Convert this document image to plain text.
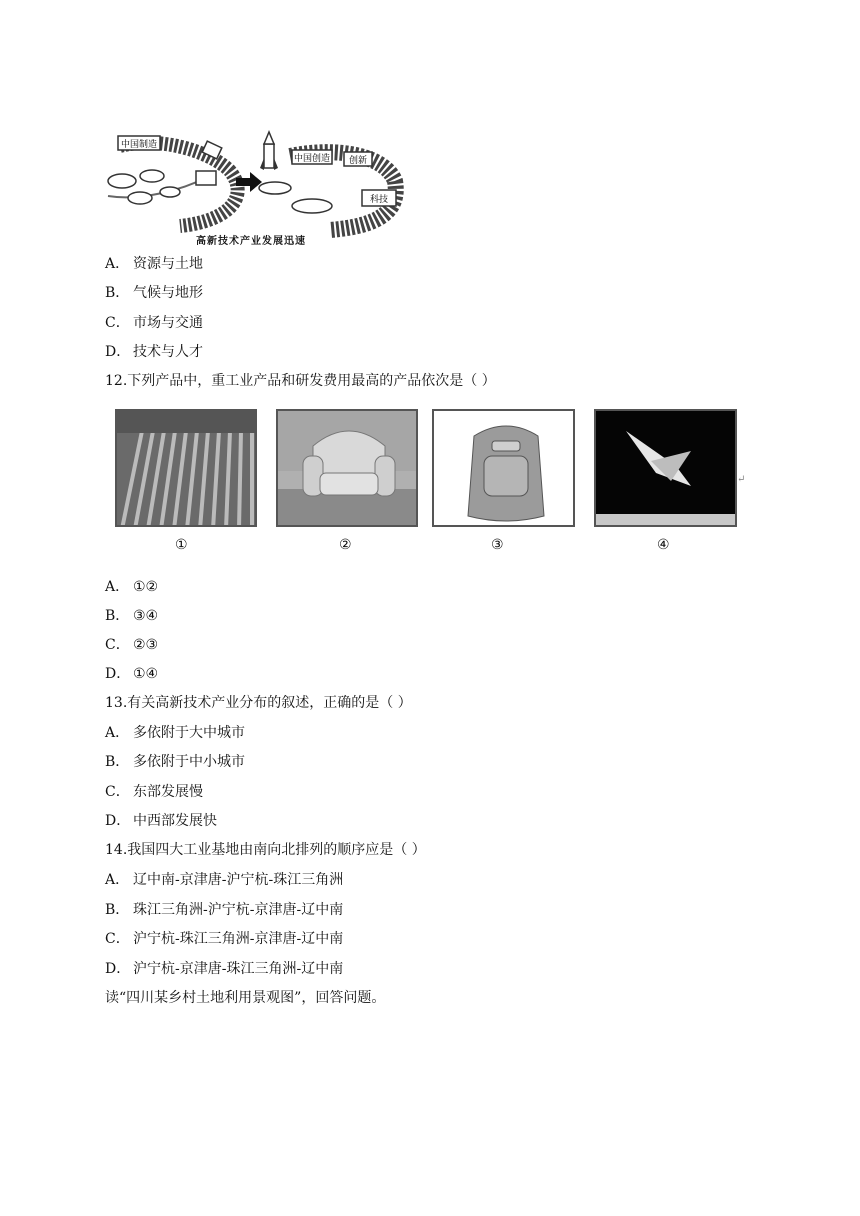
中国制造
中国创造 创新
科技
高新技术产业发展迅速
A． 资源与土地
B． 气候与地形
C． 市场与交通
D． 技术与人才
12.下列产品中，重工业产品和研发费用最高的产品依次是（ ）
↵
①	②	③	④
A． ①②
B． ③④
C． ②③
D． ①④
13.有关高新技术产业分布的叙述，正确的是（ ）
A． 多依附于大中城市
B． 多依附于中小城市
C． 东部发展慢
D． 中西部发展快
14.我国四大工业基地由南向北排列的顺序应是（ ）
A． 辽中南-京津唐-沪宁杭-珠江三角洲
B． 珠江三角洲-沪宁杭-京津唐-辽中南
C． 沪宁杭-珠江三角洲-京津唐-辽中南
D． 沪宁杭-京津唐-珠江三角洲-辽中南
读“四川某乡村土地利用景观图”，回答问题。
